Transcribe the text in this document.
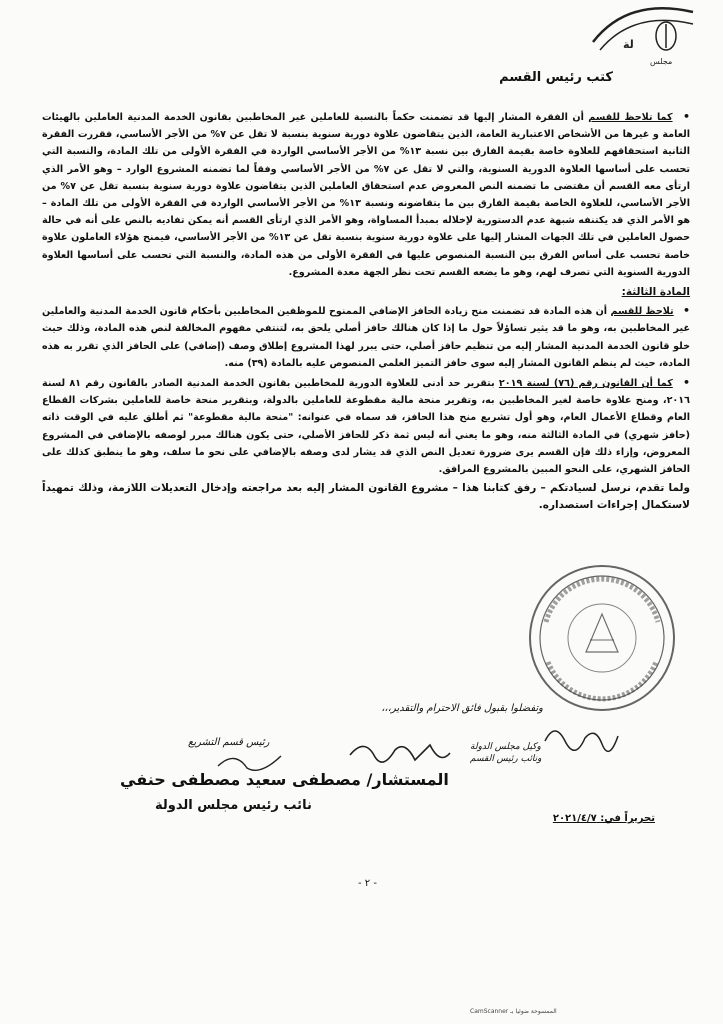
لة
مجلس
كتب رئيس القسم

• كما تلاحظ للقسم أن الفقرة المشار إليها قد تضمنت حكماً بالنسبة للعاملين غير المخاطبين بقانون الخدمة المدنية العاملين بالهيئات العامة و غيرها من الأشخاص الاعتبارية العامة، الذين يتقاضون علاوة دورية سنوية بنسبة لا تقل عن ٧% من الأجر الأساسي، فقررت الفقرة الثانية استحقاقهم للعلاوة خاصة بقيمة الفارق بين نسبة ١٣% من الأجر الأساسي الواردة في الفقرة الأولى من تلك المادة، والنسبة التي تحسب على أساسها العلاوة الدورية السنوية، والتي لا تقل عن ٧% من الأجر الأساسي وفقاً لما تضمنه المشروع الوارد – وهو الأمر الذي ارتأى معه القسم أن مقتضى ما تضمنه النص المعروض عدم استحقاق العاملين الذين يتقاضون علاوة دورية سنوية بنسبة تقل عن ٧% من الأجر الأساسي، للعلاوة الخاصة بقيمة الفارق بين ما يتقاضونه ونسبة ١٣% من الأجر الأساسي الواردة في الفقرة الأولى من تلك المادة – هو الأمر الذي قد يكتنفه شبهة عدم الدستورية لإخلاله بمبدأ المساواة، وهو الأمر الذي ارتأى القسم أنه يمكن تفاديه بالنص على أنه في حالة حصول العاملين في تلك الجهات المشار إليها على علاوة دورية سنوية بنسبة تقل عن ١٣% من الأجر الأساسي، فيمنح هؤلاء العاملون علاوة خاصة تحسب على أساس الفرق بين النسبة المنصوص عليها في الفقرة الأولى من هذه المادة، والنسبة التي تحسب على أساسها العلاوة الدورية السنوية التي تصرف لهم، وهو ما يضعه القسم تحت نظر الجهة معدة المشروع.

المادة الثالثة:

• تلاحظ للقسم أن هذه المادة قد تضمنت منح زيادة الحافز الإضافي الممنوح للموظفين المخاطبين بأحكام قانون الخدمة المدنية والعاملين غير المخاطبين به، وهو ما قد يثير تساؤلاً حول ما إذا كان هنالك حافز أصلي يلحق به، لتنتفي مفهوم المخالفة لنص هذه المادة، وذلك حيث خلو قانون الخدمة المدنية المشار إليه من تنظيم حافز أصلي، حتى يبرر لهذا المشروع إطلاق وصف (إضافي) على الحافز الذي تقرر به هذه المادة، حيث لم ينظم القانون المشار إليه سوى حافز التميز العلمي المنصوص عليه بالمادة (٣٩) منه.

• كما أن القانون رقم (٧٦) لسنة ٢٠١٩ بتقرير حد أدنى للعلاوة الدورية للمخاطبين بقانون الخدمة المدنية الصادر بالقانون رقم ٨١ لسنة ٢٠١٦، ومنح علاوة خاصة لغير المخاطبين به، وتقرير منحة مالية مقطوعة للعاملين بالدولة، وبتقرير منحة خاصة للعاملين بشركات القطاع العام وقطاع الأعمال العام، وهو أول تشريع منح هذا الحافز، قد سماه في عنوانه: "منحة مالية مقطوعة" ثم أطلق عليه في الوقت ذاته (حافز شهري) في المادة الثالثة منه، وهو ما يعني أنه ليس ثمة ذكر للحافز الأصلي، حتى يكون هنالك مبرر لوصفه بالإضافي في المشروع المعروض، وإزاء ذلك فإن القسم يرى ضرورة تعديل النص الذي قد يشار لدى وصفه بالإضافي على نحو ما سلف، وهو ما ينطبق كذلك على الحافز الشهري، على النحو المبين بالمشروع المرافق.

ولما تقدم، نرسل لسيادتكم – رفق كتابنا هذا – مشروع القانون المشار إليه بعد مراجعته وإدخال التعديلات اللازمة، وذلك تمهيداً لاستكمال إجراءات استصداره.

وتفضلوا بقبول فائق الاحترام والتقدير،،،
رئيس قسم التشريع	وكيل مجلس الدولة
ونائب رئيس القسم
المستشار/ مصطفى سعيد مصطفى حنفي
نائب رئيس مجلس الدولة
تحريراً في: ٢٠٢١/٤/٧
- ٢ -
الممسوحة ضوئيا بـ CamScanner
